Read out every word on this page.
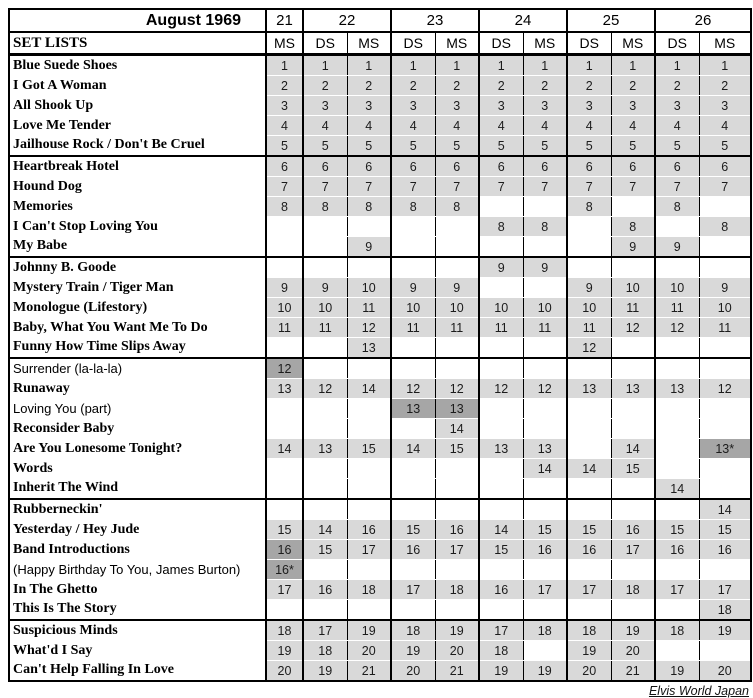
August 1969	21	22		23		24		25		26	
SET LISTS	MS	DS	MS	DS	MS	DS	MS	DS	MS	DS	MS
Blue Suede Shoes	1	1	1	1	1	1	1	1	1	1	1
I Got A Woman	2	2	2	2	2	2	2	2	2	2	2
All Shook Up	3	3	3	3	3	3	3	3	3	3	3
Love Me Tender	4	4	4	4	4	4	4	4	4	4	4
Jailhouse Rock / Don't Be Cruel	5	5	5	5	5	5	5	5	5	5	5
Heartbreak Hotel	6	6	6	6	6	6	6	6	6	6	6
Hound Dog	7	7	7	7	7	7	7	7	7	7	7
Memories	8	8	8	8	8			8		8	
I Can't Stop Loving You						8	8		8		8
My Babe			9						9	9	
Johnny B. Goode						9	9				
Mystery Train / Tiger Man	9	9	10	9	9			9	10	10	9
Monologue (Lifestory)	10	10	11	10	10	10	10	10	11	11	10
Baby, What You Want Me To Do	11	11	12	11	11	11	11	11	12	12	11
Funny How Time Slips Away			13					12			
Surrender (la-la-la)	12										
Runaway	13	12	14	12	12	12	12	13	13	13	12
Loving You (part)				13	13						
Reconsider Baby					14						
Are You Lonesome Tonight?	14	13	15	14	15	13	13		14		13*
Words							14	14	15		
Inherit The Wind										14	
Rubberneckin'											14
Yesterday / Hey Jude	15	14	16	15	16	14	15	15	16	15	15
Band Introductions	16	15	17	16	17	15	16	16	17	16	16
(Happy Birthday To You, James Burton)	16*										
In The Ghetto	17	16	18	17	18	16	17	17	18	17	17
This Is The Story											18
Suspicious Minds	18	17	19	18	19	17	18	18	19	18	19
What'd I Say	19	18	20	19	20	18		19	20		
Can't Help Falling In Love	20	19	21	20	21	19	19	20	21	19	20
Elvis World Japan
